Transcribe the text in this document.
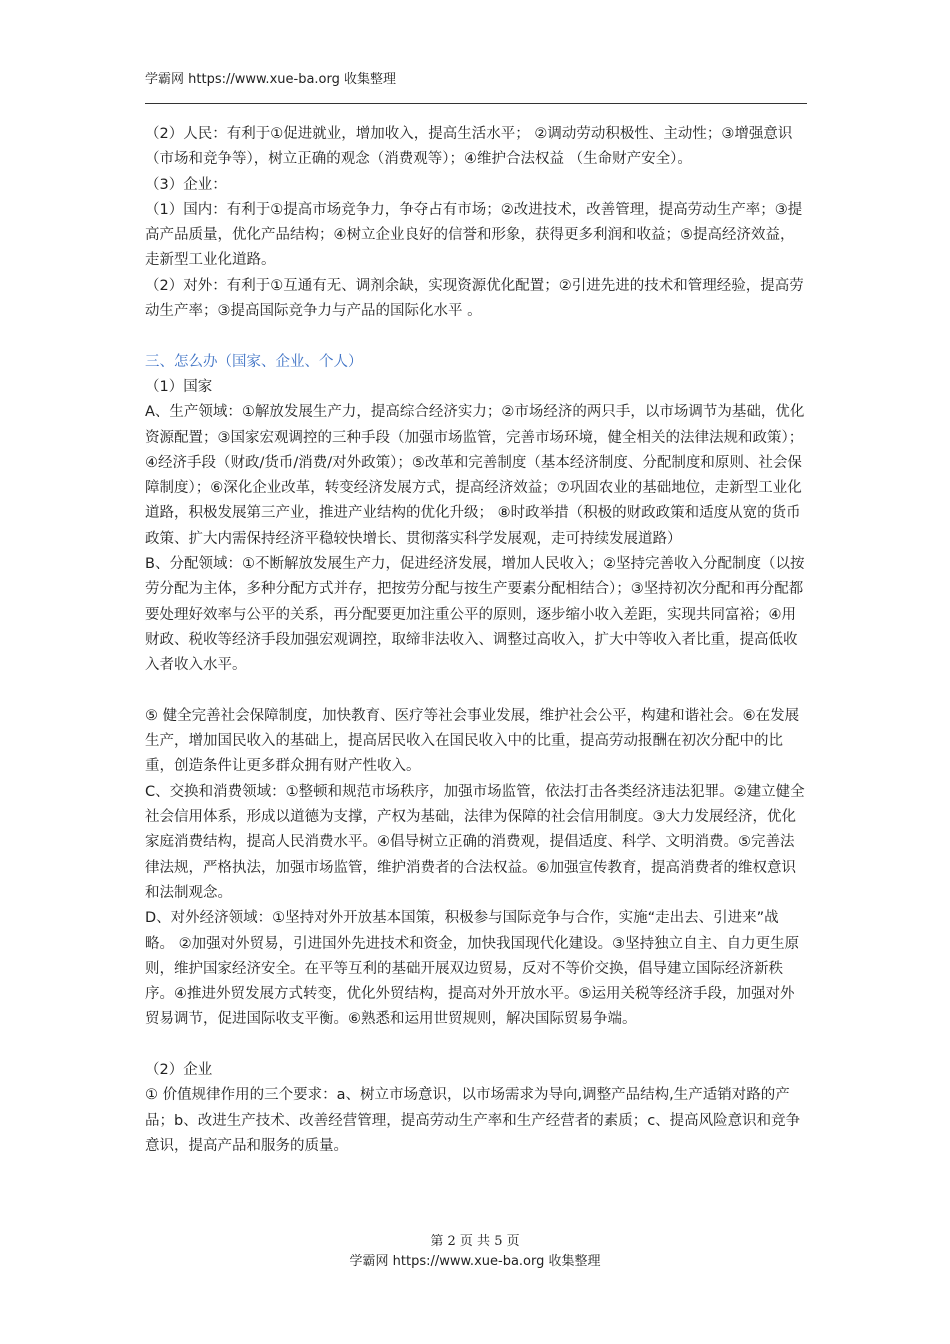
学霸网 https://www.xue-ba.org 收集整理

（2）人民：有利于①促进就业，增加收入，提高生活水平； ②调动劳动积极性、主动性；③增强意识（市场和竞争等），树立正确的观念（消费观等）；④维护合法权益 （生命财产安全）。

（3）企业：

（1）国内：有利于①提高市场竞争力，争夺占有市场；②改进技术，改善管理，提高劳动生产率；③提高产品质量，优化产品结构；④树立企业良好的信誉和形象，获得更多利润和收益；⑤提高经济效益，走新型工业化道路。

（2）对外：有利于①互通有无、调剂余缺，实现资源优化配置；②引进先进的技术和管理经验，提高劳动生产率；③提高国际竞争力与产品的国际化水平 。

三、怎么办（国家、企业、个人）

（1）国家

A、生产领域：①解放发展生产力，提高综合经济实力；②市场经济的两只手，以市场调节为基础，优化资源配置；③国家宏观调控的三种手段（加强市场监管，完善市场环境，健全相关的法律法规和政策）；④经济手段（财政/货币/消费/对外政策）；⑤改革和完善制度（基本经济制度、分配制度和原则、社会保障制度）；⑥深化企业改革，转变经济发展方式，提高经济效益；⑦巩固农业的基础地位，走新型工业化道路，积极发展第三产业，推进产业结构的优化升级； ⑧时政举措（积极的财政政策和适度从宽的货币政策、扩大内需保持经济平稳较快增长、贯彻落实科学发展观，走可持续发展道路）

B、分配领域：①不断解放发展生产力，促进经济发展，增加人民收入；②坚持完善收入分配制度（以按劳分配为主体，多种分配方式并存，把按劳分配与按生产要素分配相结合）；③坚持初次分配和再分配都要处理好效率与公平的关系，再分配要更加注重公平的原则，逐步缩小收入差距，实现共同富裕；④用财政、税收等经济手段加强宏观调控，取缔非法收入、调整过高收入，扩大中等收入者比重，提高低收入者收入水平。

⑤ 健全完善社会保障制度，加快教育、医疗等社会事业发展，维护社会公平，构建和谐社会。⑥在发展生产，增加国民收入的基础上，提高居民收入在国民收入中的比重，提高劳动报酬在初次分配中的比重，创造条件让更多群众拥有财产性收入。

C、交换和消费领域：①整顿和规范市场秩序，加强市场监管，依法打击各类经济违法犯罪。②建立健全社会信用体系，形成以道德为支撑，产权为基础，法律为保障的社会信用制度。③大力发展经济，优化家庭消费结构，提高人民消费水平。④倡导树立正确的消费观，提倡适度、科学、文明消费。⑤完善法律法规，严格执法，加强市场监管，维护消费者的合法权益。⑥加强宣传教育，提高消费者的维权意识和法制观念。

D、对外经济领域：①坚持对外开放基本国策，积极参与国际竞争与合作，实施“走出去、引进来”战略。 ②加强对外贸易，引进国外先进技术和资金，加快我国现代化建设。③坚持独立自主、自力更生原则，维护国家经济安全。在平等互利的基础开展双边贸易，反对不等价交换，倡导建立国际经济新秩序。④推进外贸发展方式转变，优化外贸结构，提高对外开放水平。⑤运用关税等经济手段，加强对外贸易调节，促进国际收支平衡。⑥熟悉和运用世贸规则，解决国际贸易争端。

（2）企业

① 价值规律作用的三个要求：a、树立市场意识，以市场需求为导向,调整产品结构,生产适销对路的产品；b、改进生产技术、改善经营管理，提高劳动生产率和生产经营者的素质；c、提高风险意识和竞争意识，提高产品和服务的质量。

第 2 页 共 5 页
学霸网 https://www.xue-ba.org 收集整理
